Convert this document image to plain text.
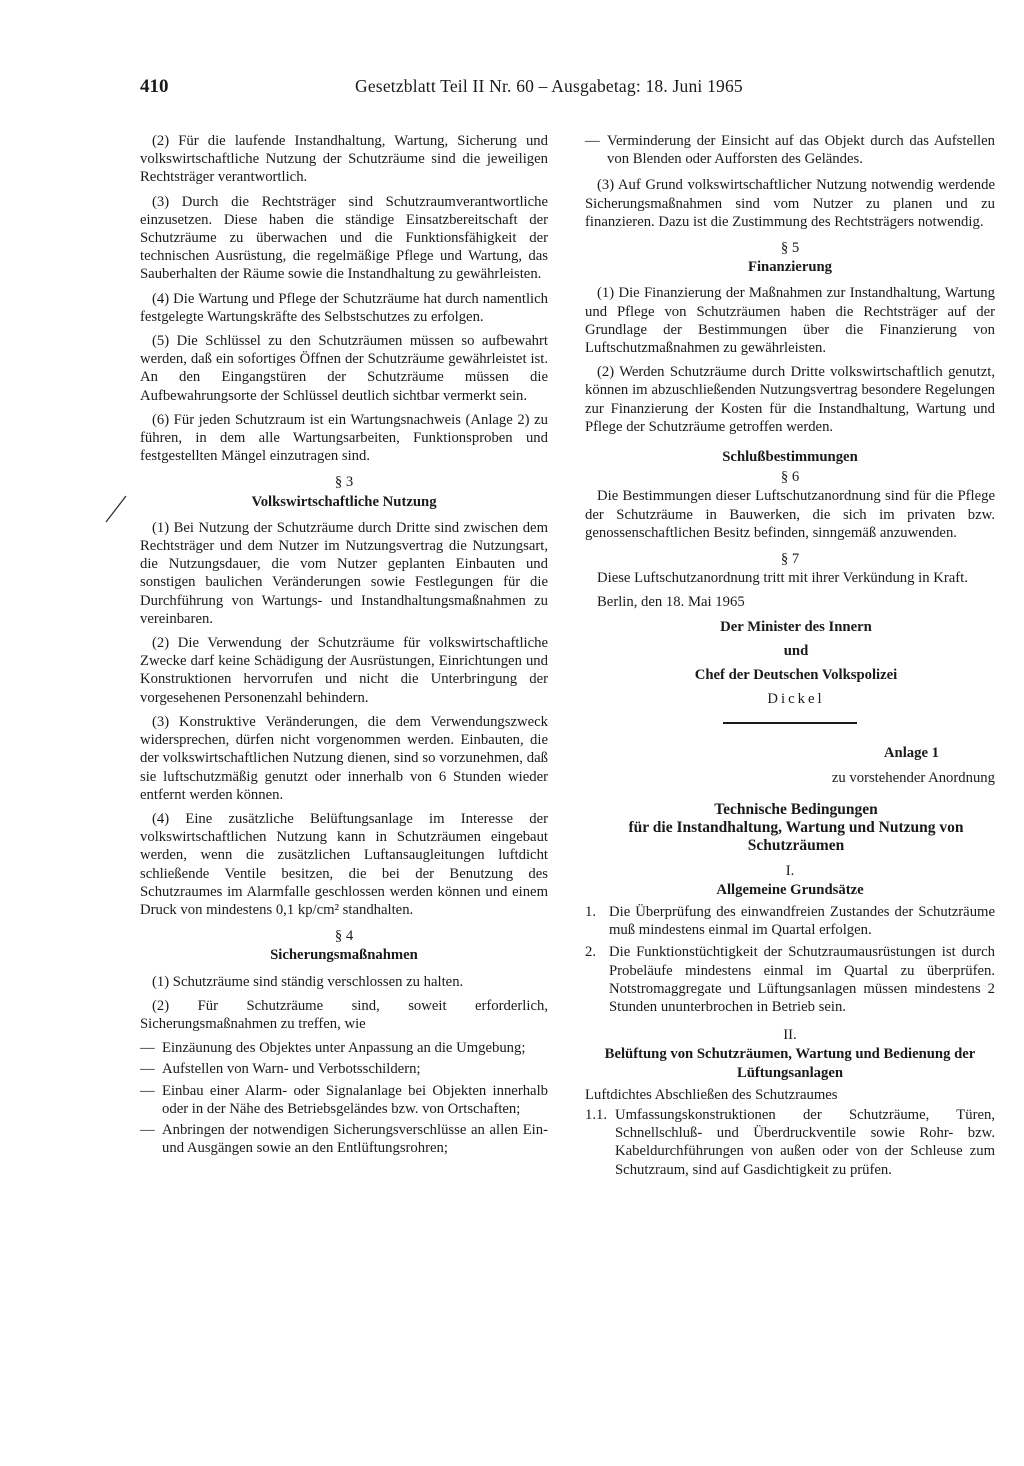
410	Gesetzblatt Teil II Nr. 60 – Ausgabetag: 18. Juni 1965

(2) Für die laufende Instandhaltung, Wartung, Sicherung und volkswirtschaftliche Nutzung der Schutzräume sind die jeweiligen Rechtsträger verantwortlich.

(3) Durch die Rechtsträger sind Schutzraumverantwortliche einzusetzen. Diese haben die ständige Einsatzbereitschaft der Schutzräume zu überwachen und die Funktionsfähigkeit der technischen Ausrüstung, die regelmäßige Pflege und Wartung, das Sauberhalten der Räume sowie die Instandhaltung zu gewährleisten.

(4) Die Wartung und Pflege der Schutzräume hat durch namentlich festgelegte Wartungskräfte des Selbstschutzes zu erfolgen.

(5) Die Schlüssel zu den Schutzräumen müssen so aufbewahrt werden, daß ein sofortiges Öffnen der Schutzräume gewährleistet ist. An den Eingangstüren der Schutzräume müssen die Aufbewahrungsorte der Schlüssel deutlich sichtbar vermerkt sein.

(6) Für jeden Schutzraum ist ein Wartungsnachweis (Anlage 2) zu führen, in dem alle Wartungsarbeiten, Funktionsproben und festgestellten Mängel einzutragen sind.

§ 3
Volkswirtschaftliche Nutzung

(1) Bei Nutzung der Schutzräume durch Dritte sind zwischen dem Rechtsträger und dem Nutzer im Nutzungsvertrag die Nutzungsart, die Nutzungsdauer, die vom Nutzer geplanten Einbauten und sonstigen baulichen Veränderungen sowie Festlegungen für die Durchführung von Wartungs- und Instandhaltungsmaßnahmen zu vereinbaren.

(2) Die Verwendung der Schutzräume für volkswirtschaftliche Zwecke darf keine Schädigung der Ausrüstungen, Einrichtungen und Konstruktionen hervorrufen und nicht die Unterbringung der vorgesehenen Personenzahl behindern.

(3) Konstruktive Veränderungen, die dem Verwendungszweck widersprechen, dürfen nicht vorgenommen werden. Einbauten, die der volkswirtschaftlichen Nutzung dienen, sind so vorzunehmen, daß sie luftschutzmäßig genutzt oder innerhalb von 6 Stunden wieder entfernt werden können.

(4) Eine zusätzliche Belüftungsanlage im Interesse der volkswirtschaftlichen Nutzung kann in Schutzräumen eingebaut werden, wenn die zusätzlichen Luftansaugleitungen luftdicht schließende Ventile besitzen, die bei der Benutzung des Schutzraumes im Alarmfalle geschlossen werden können und einem Druck von mindestens 0,1 kp/cm² standhalten.

§ 4
Sicherungsmaßnahmen

(1) Schutzräume sind ständig verschlossen zu halten.

(2) Für Schutzräume sind, soweit erforderlich, Sicherungsmaßnahmen zu treffen, wie

— Einzäunung des Objektes unter Anpassung an die Umgebung;
— Aufstellen von Warn- und Verbotsschildern;
— Einbau einer Alarm- oder Signalanlage bei Objekten innerhalb oder in der Nähe des Betriebsgeländes bzw. von Ortschaften;
— Anbringen der notwendigen Sicherungsverschlüsse an allen Ein- und Ausgängen sowie an den Entlüftungsrohren;
— Verminderung der Einsicht auf das Objekt durch das Aufstellen von Blenden oder Aufforsten des Geländes.

(3) Auf Grund volkswirtschaftlicher Nutzung notwendig werdende Sicherungsmaßnahmen sind vom Nutzer zu planen und zu finanzieren. Dazu ist die Zustimmung des Rechtsträgers notwendig.

§ 5
Finanzierung

(1) Die Finanzierung der Maßnahmen zur Instandhaltung, Wartung und Pflege von Schutzräumen haben die Rechtsträger auf der Grundlage der Bestimmungen über die Finanzierung von Luftschutzmaßnahmen zu gewährleisten.

(2) Werden Schutzräume durch Dritte volkswirtschaftlich genutzt, können im abzuschließenden Nutzungsvertrag besondere Regelungen zur Finanzierung der Kosten für die Instandhaltung, Wartung und Pflege der Schutzräume getroffen werden.

Schlußbestimmungen
§ 6

Die Bestimmungen dieser Luftschutzanordnung sind für die Pflege der Schutzräume in Bauwerken, die sich im privaten bzw. genossenschaftlichen Besitz befinden, sinngemäß anzuwenden.

§ 7

Diese Luftschutzanordnung tritt mit ihrer Verkündung in Kraft.

Berlin, den 18. Mai 1965

Der Minister des Innern

und

Chef der Deutschen Volkspolizei

Dickel

Anlage 1

zu vorstehender Anordnung

Technische Bedingungen

für die Instandhaltung, Wartung und Nutzung von

Schutzräumen

I.
Allgemeine Grundsätze
1. Die Überprüfung des einwandfreien Zustandes der Schutzräume muß mindestens einmal im Quartal erfolgen.
2. Die Funktionstüchtigkeit der Schutzraumausrüstungen ist durch Probeläufe mindestens einmal im Quartal zu überprüfen. Notstromaggregate und Lüftungsanlagen müssen mindestens 2 Stunden ununterbrochen in Betrieb sein.
II.
Belüftung von Schutzräumen, Wartung und Bedienung der Lüftungsanlagen

Luftdichtes Abschließen des Schutzraumes

1.1. Umfassungskonstruktionen der Schutzräume, Türen, Schnellschluß- und Überdruckventile sowie Rohr- bzw. Kabeldurchführungen von außen oder von der Schleuse zum Schutzraum, sind auf Gasdichtigkeit zu prüfen.
